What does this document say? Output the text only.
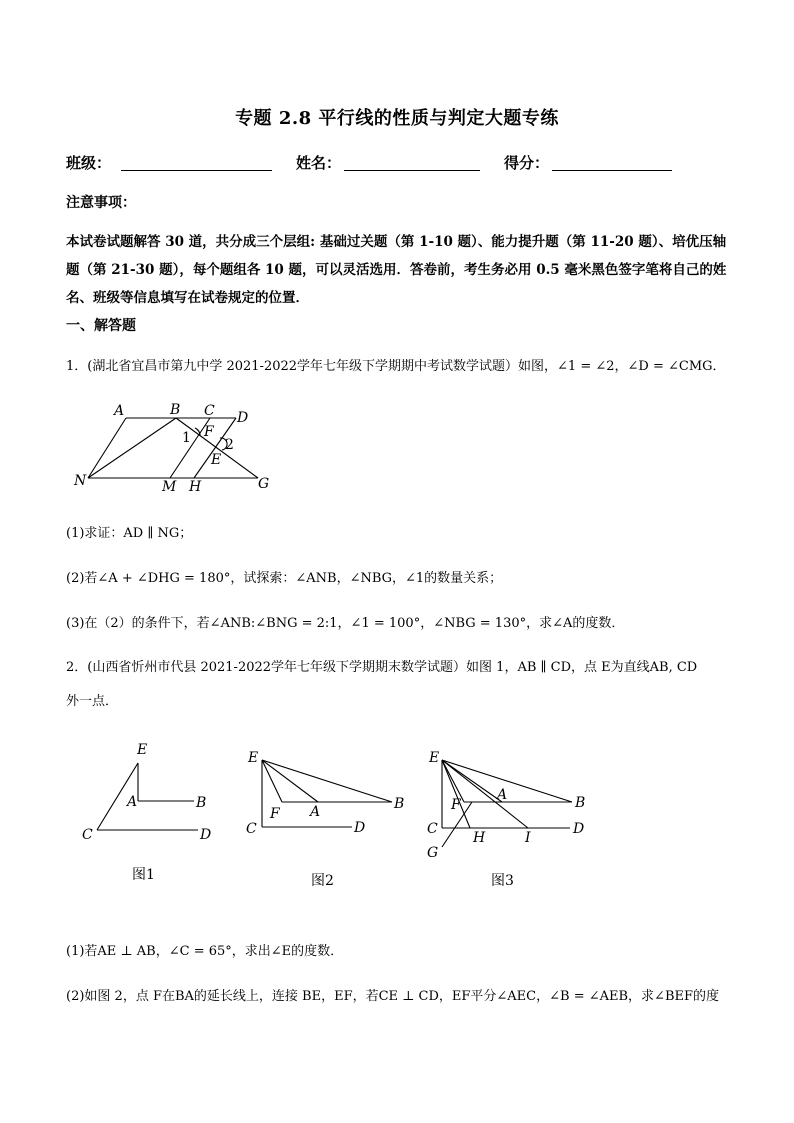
专题 2.8 平行线的性质与判定大题专练
班级：	姓名：	得分：
注意事项：
本试卷试题解答 30 道，共分成三个层组: 基础过关题（第 1-10 题）、能力提升题（第 11-20 题）、培优压轴
题（第 21-30 题），每个题组各 10 题，可以灵活选用．答卷前，考生务必用 0.5 毫米黑色签字笔将自己的姓
名、班级等信息填写在试卷规定的位置．
一、解答题
1．(湖北省宜昌市第九中学 2021-2022学年七年级下学期期中考试数学试题）如图，∠1 = ∠2，∠D = ∠CMG．
A	B C D
N	M H	G
F
E
1 2
(1)求证：AD ∥ NG；
(2)若∠A + ∠DHG = 180°，试探索：∠ANB，∠NBG，∠1的数量关系；
(3)在（2）的条件下，若∠ANB:∠BNG = 2:1，∠1 = 100°，∠NBG = 130°，求∠A的度数．
2．(山西省忻州市代县 2021-2022学年七年级下学期期末数学试题）如图 1，AB ∥ CD，点 E为直线AB, CD
外一点．
E
A	B
C	D
图1
E
F A	B
C	D
图2
E
F
A	B
C
G
H	I
D
图3
(1)若AE ⊥ AB，∠C = 65°，求出∠E的度数．
(2)如图 2，点 F在BA的延长线上，连接 BE，EF，若CE ⊥ CD，EF平分∠AEC，∠B = ∠AEB，求∠BEF的度
